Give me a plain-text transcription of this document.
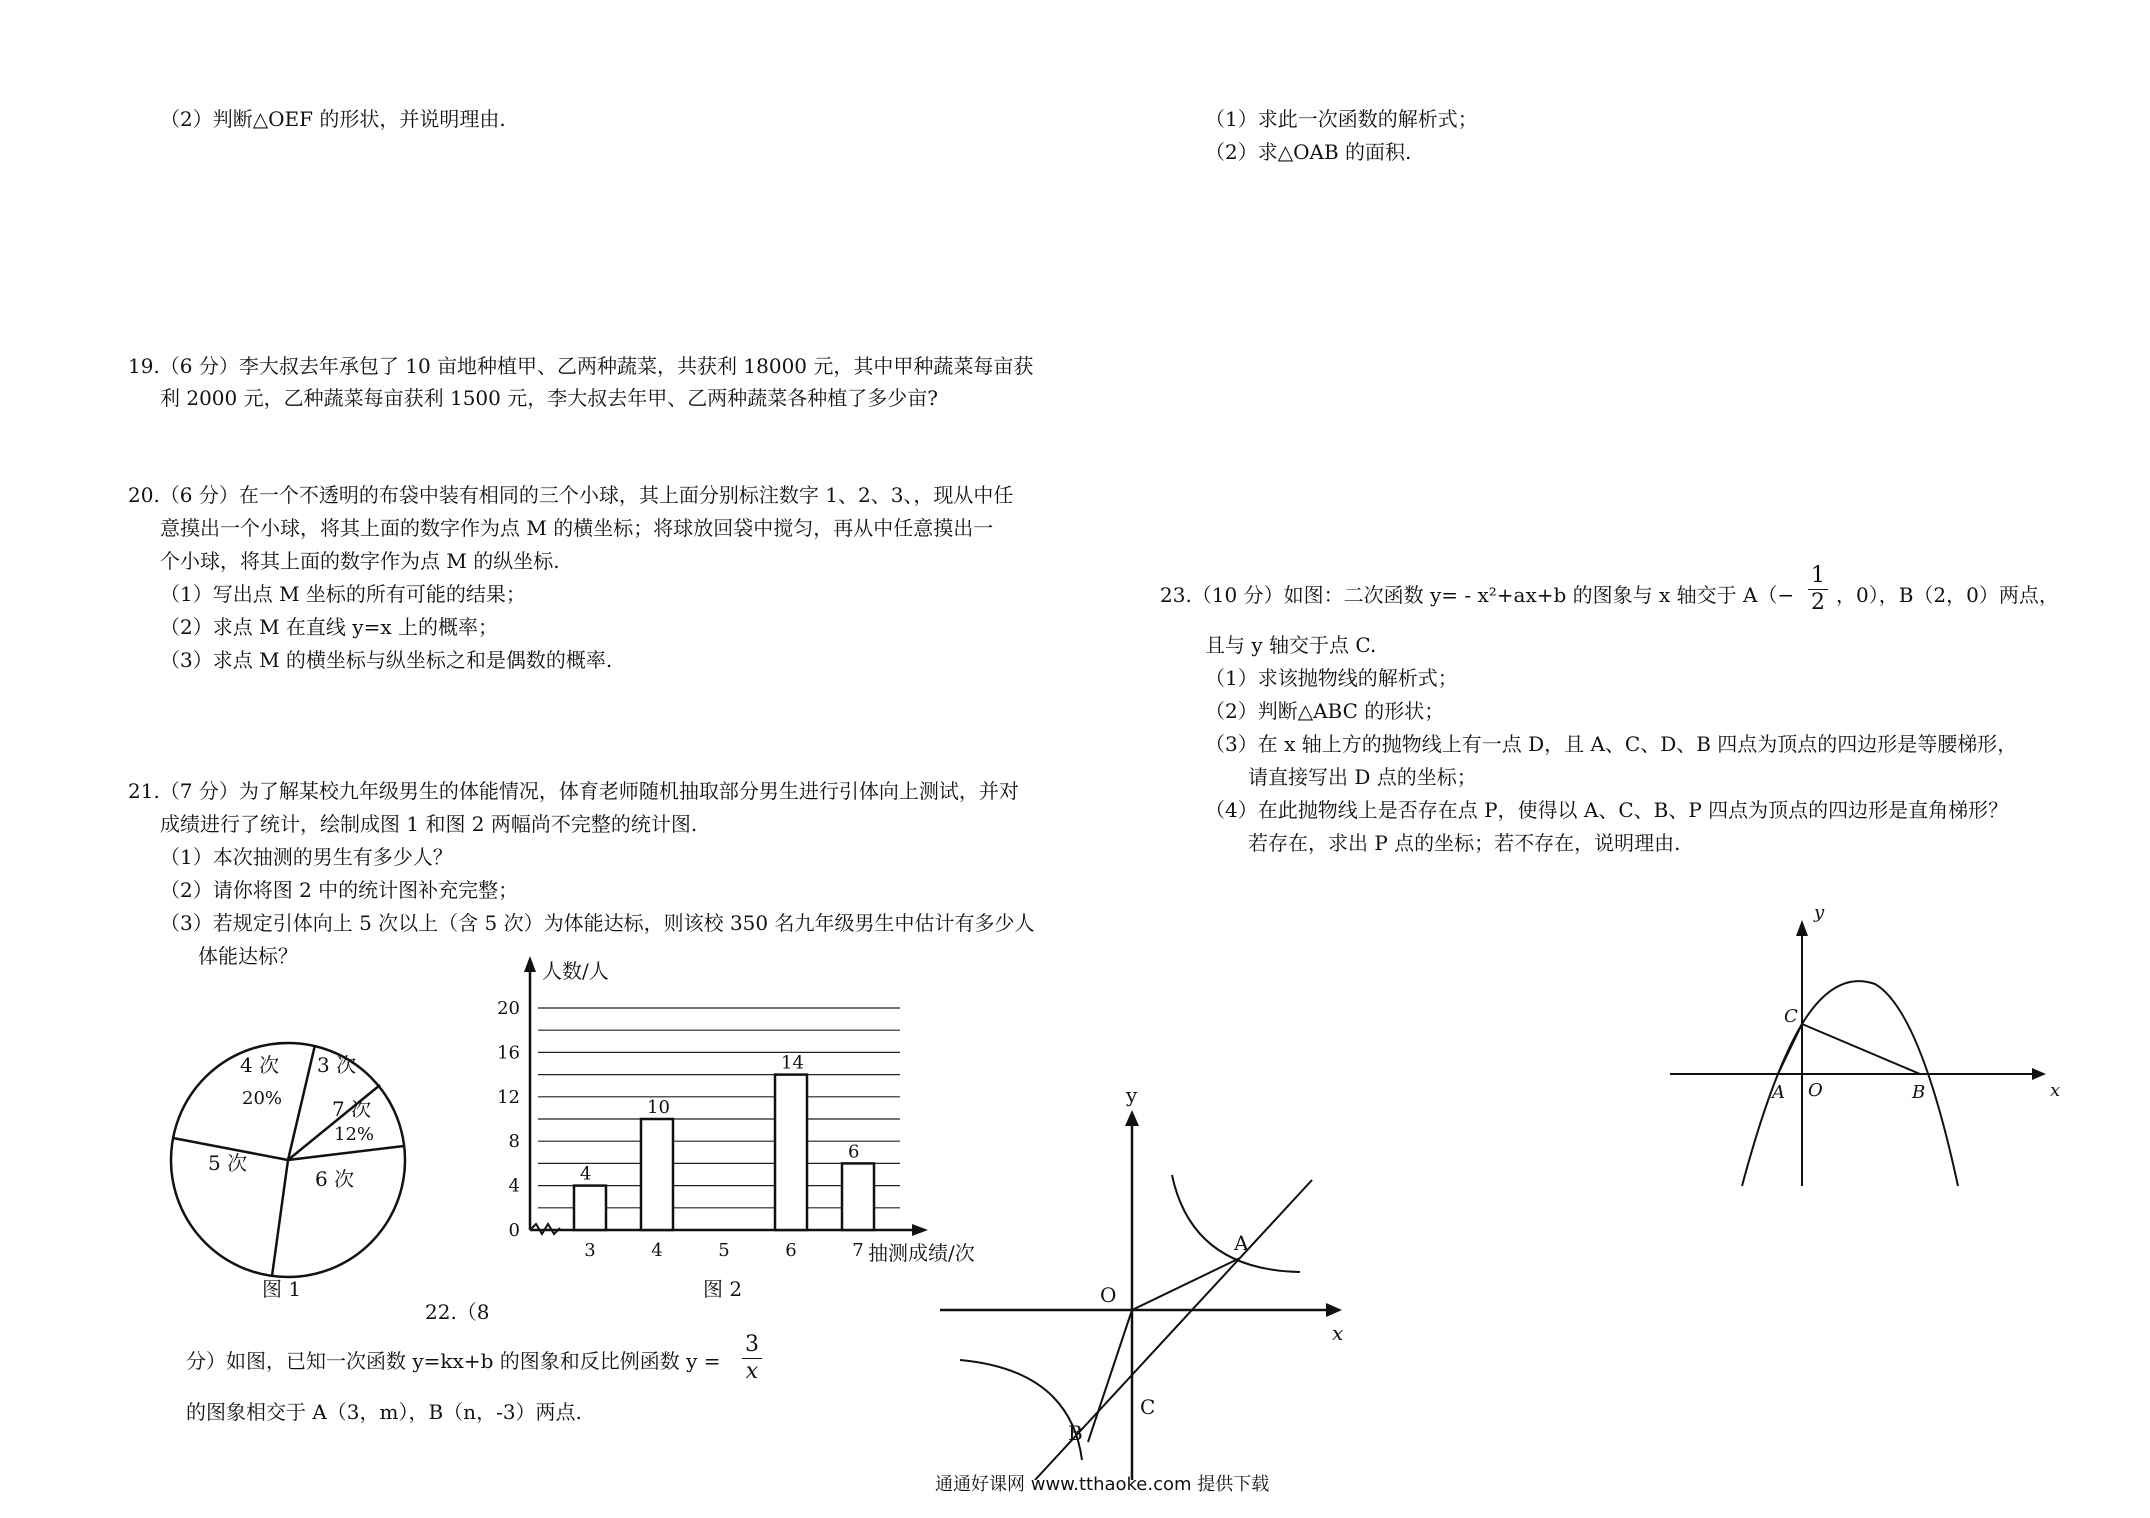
（2）判断△OEF 的形状，并说明理由.
19.（6 分）李大叔去年承包了 10 亩地种植甲、乙两种蔬菜，共获利 18000 元，其中甲种蔬菜每亩获
利 2000 元，乙种蔬菜每亩获利 1500 元，李大叔去年甲、乙两种蔬菜各种植了多少亩?
20.（6 分）在一个不透明的布袋中装有相同的三个小球，其上面分别标注数字 1、2、3、，现从中任
意摸出一个小球，将其上面的数字作为点 M 的横坐标；将球放回袋中搅匀，再从中任意摸出一
个小球，将其上面的数字作为点 M 的纵坐标.
（1）写出点 M 坐标的所有可能的结果；
（2）求点 M 在直线 y=x 上的概率；
（3）求点 M 的横坐标与纵坐标之和是偶数的概率.
21.（7 分）为了解某校九年级男生的体能情况，体育老师随机抽取部分男生进行引体向上测试，并对
成绩进行了统计，绘制成图 1 和图 2 两幅尚不完整的统计图.
（1）本次抽测的男生有多少人？
（2）请你将图 2 中的统计图补充完整；
（3）若规定引体向上 5 次以上（含 5 次）为体能达标，则该校 350 名九年级男生中估计有多少人
体能达标？
4 次
20%
3 次
7 次
12%
5 次
6 次
图 1
0
4
8
12
16
20
4
3
10
4	5
14
6
6
7
人数/人
抽测成绩/次
图 2
22.（8
分）如图，已知一次函数 y=kx+b 的图象和反比例函数 y =
3
x
的图象相交于 A（3，m），B（n，-3）两点.
y
x
O
A
B
C
（1）求此一次函数的解析式；
（2）求△OAB 的面积.
23.（10 分）如图：二次函数 y= - x²+ax+b 的图象与 x 轴交于 A（−
1
2 ，0），B（2，0）两点，
且与 y 轴交于点 C.
（1）求该抛物线的解析式；
（2）判断△ABC 的形状；
（3）在 x 轴上方的抛物线上有一点 D，且 A、C、D、B 四点为顶点的四边形是等腰梯形，
请直接写出 D 点的坐标；
（4）在此抛物线上是否存在点 P，使得以 A、C、B、P 四点为顶点的四边形是直角梯形？
若存在，求出 P 点的坐标；若不存在，说明理由.
y
x
A O	B
C
通通好课网 www.tthaoke.com 提供下载
